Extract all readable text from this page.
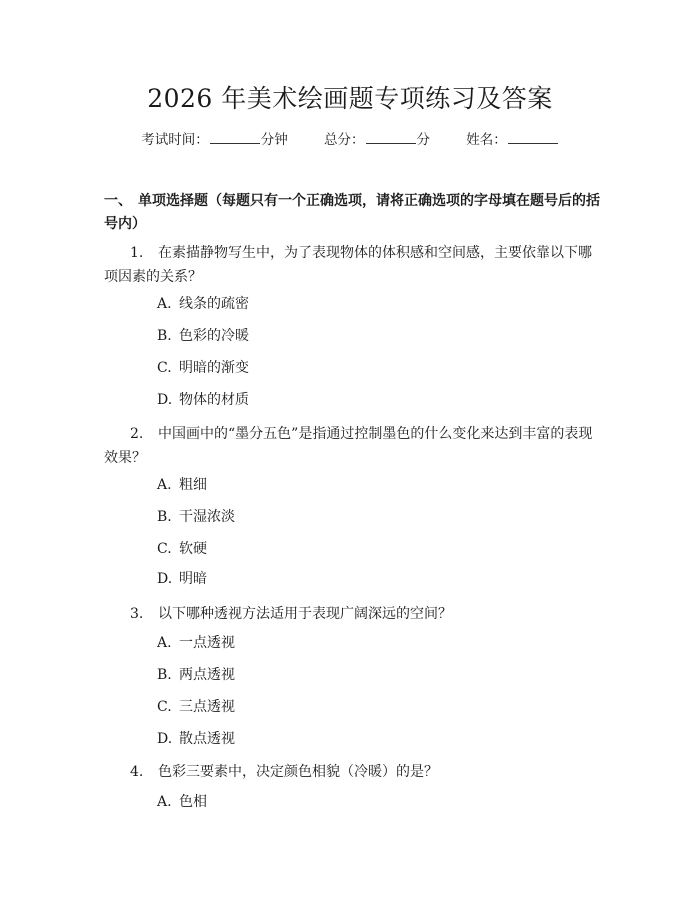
2026 年美术绘画题专项练习及答案
考试时间：	分钟	总分：	分	姓名：
一、 单项选择题（每题只有一个正确选项，请将正确选项的字母填在题号后的括号内）
1. 在素描静物写生中，为了表现物体的体积感和空间感，主要依靠以下哪项因素的关系？
A. 线条的疏密
B. 色彩的冷暖
C. 明暗的渐变
D. 物体的材质
2. 中国画中的“墨分五色”是指通过控制墨色的什么变化来达到丰富的表现效果？
A. 粗细
B. 干湿浓淡
C. 软硬
D. 明暗
3. 以下哪种透视方法适用于表现广阔深远的空间？
A. 一点透视
B. 两点透视
C. 三点透视
D. 散点透视
4. 色彩三要素中，决定颜色相貌（冷暖）的是？
A. 色相
